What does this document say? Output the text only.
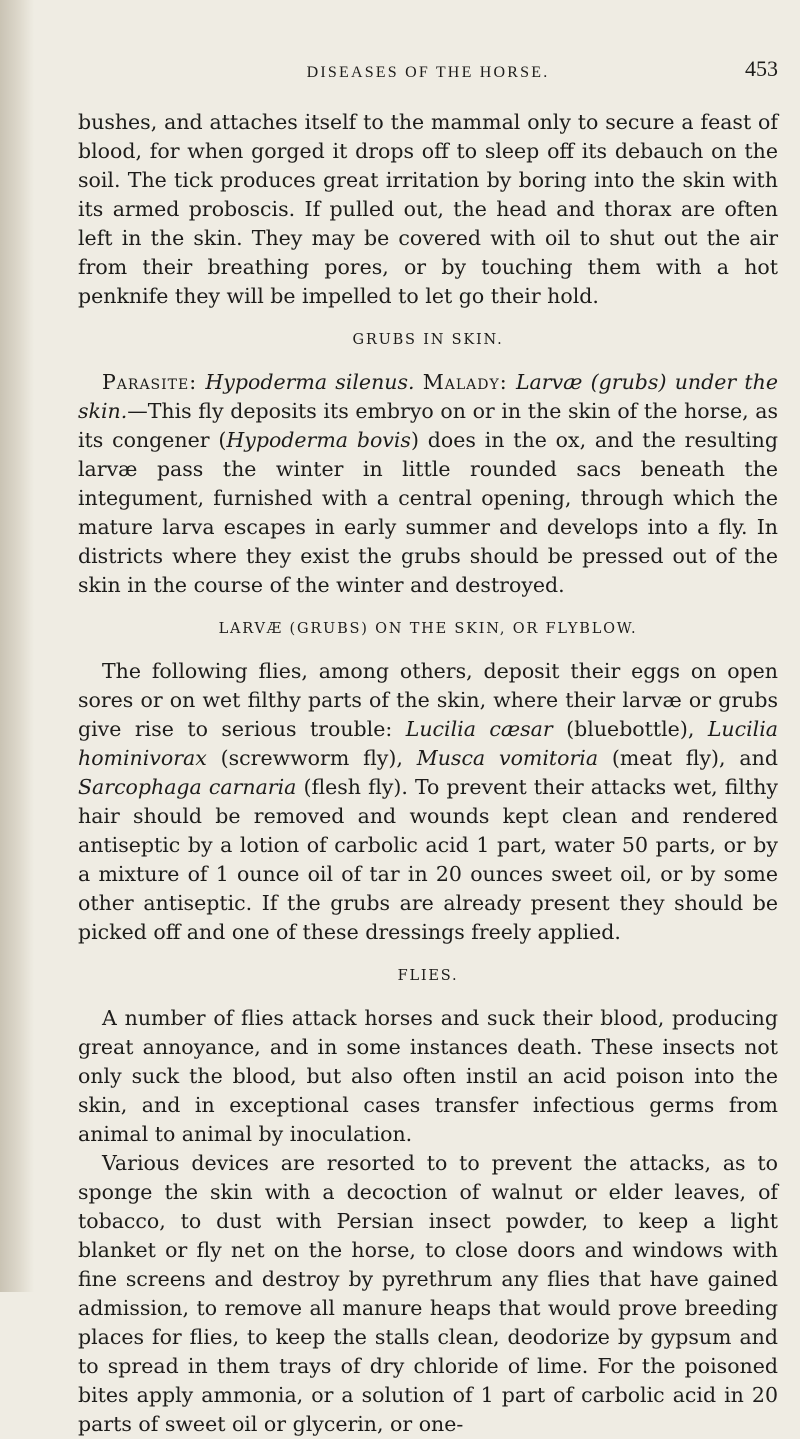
DISEASES OF THE HORSE.	453

bushes, and attaches itself to the mammal only to secure a feast of blood, for when gorged it drops off to sleep off its debauch on the soil. The tick produces great irritation by boring into the skin with its armed proboscis. If pulled out, the head and thorax are often left in the skin. They may be covered with oil to shut out the air from their breathing pores, or by touching them with a hot penknife they will be impelled to let go their hold.

GRUBS IN SKIN.

Parasite: Hypoderma silenus. Malady: Larvæ (grubs) under the skin.—This fly deposits its embryo on or in the skin of the horse, as its congener (Hypoderma bovis) does in the ox, and the resulting larvæ pass the winter in little rounded sacs beneath the integument, furnished with a central opening, through which the mature larva escapes in early summer and develops into a fly. In districts where they exist the grubs should be pressed out of the skin in the course of the winter and destroyed.

LARVÆ (GRUBS) ON THE SKIN, OR FLYBLOW.

The following flies, among others, deposit their eggs on open sores or on wet filthy parts of the skin, where their larvæ or grubs give rise to serious trouble: Lucilia cæsar (bluebottle), Lucilia hominivorax (screwworm fly), Musca vomitoria (meat fly), and Sarcophaga carnaria (flesh fly). To prevent their attacks wet, filthy hair should be removed and wounds kept clean and rendered antiseptic by a lotion of carbolic acid 1 part, water 50 parts, or by a mixture of 1 ounce oil of tar in 20 ounces sweet oil, or by some other antiseptic. If the grubs are already present they should be picked off and one of these dressings freely applied.

FLIES.

A number of flies attack horses and suck their blood, producing great annoyance, and in some instances death. These insects not only suck the blood, but also often instil an acid poison into the skin, and in exceptional cases transfer infectious germs from animal to animal by inoculation.

Various devices are resorted to to prevent the attacks, as to sponge the skin with a decoction of walnut or elder leaves, of tobacco, to dust with Persian insect powder, to keep a light blanket or fly net on the horse, to close doors and windows with fine screens and destroy by pyrethrum any flies that have gained admission, to remove all manure heaps that would prove breeding places for flies, to keep the stalls clean, deodorize by gypsum and to spread in them trays of dry chloride of lime. For the poisoned bites apply ammonia, or a solution of 1 part of carbolic acid in 20 parts of sweet oil or glycerin, or one-
